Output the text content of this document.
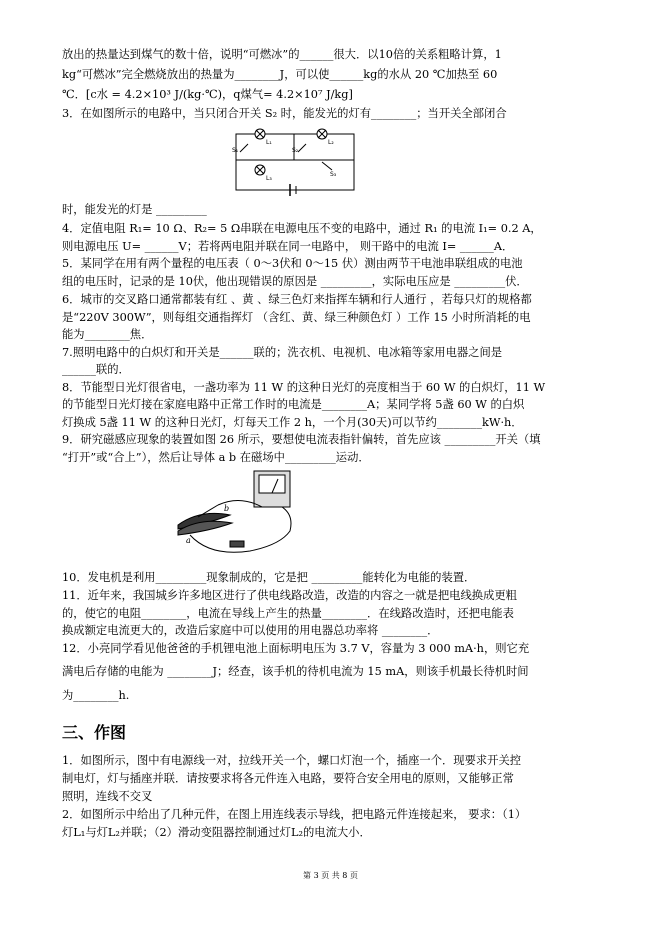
放出的热量达到煤气的数十倍，说明“可燃冰”的______很大．以10倍的关系粗略计算，1
kg“可燃冰”完全燃烧放出的热量为________J，可以使______kg的水从 20 ℃加热至 60
℃．[c水 = 4.2×10³ J/(kg·℃)，q煤气= 4.2×10⁷ J/kg]
3．在如图所示的电路中，当只闭合开关 S₂ 时，能发光的灯有________；当开关全部闭合
L₁
S₁
L₂
S₂
L₃
S₃
时，能发光的灯是 _________
4．定值电阻 R₁= 10 Ω、R₂= 5 Ω串联在电源电压不变的电路中，通过 R₁ 的电流 I₁= 0.2 A，
则电源电压 U= ______V；若将两电阻并联在同一电路中， 则干路中的电流 I= ______A．
5．某同学在用有两个量程的电压表（ 0～3伏和 0～15 伏）测由两节干电池串联组成的电池
组的电压时，记录的是 10伏，他出现错误的原因是 _________，实际电压应是 _________伏．
6．城市的交叉路口通常都装有红 、黄 、绿三色灯来指挥车辆和行人通行 ，若每只灯的规格都
是“220V 300W”，则每组交通指挥灯 （含红、黄、绿三种颜色灯 ）工作 15 小时所消耗的电
能为________焦．
7.照明电路中的白炽灯和开关是______联的；洗衣机、电视机、电冰箱等家用电器之间是
______联的．
8．节能型日光灯很省电，一盏功率为 11 W 的这种日光灯的亮度相当于 60 W 的白炽灯，11 W
的节能型日光灯接在家庭电路中正常工作时的电流是________A；某同学将 5盏 60 W 的白炽
灯换成 5盏 11 W 的这种日光灯，灯每天工作 2 h，一个月(30天)可以节约________kW·h．
9．研究磁感应现象的装置如图 26 所示，要想使电流表指针偏转，首先应该 _________开关（填
“打开”或“合上”），然后让导体 a b 在磁场中_________运动．
a
b
10．发电机是利用_________现象制成的，它是把 _________能转化为电能的装置．
11．近年来，我国城乡许多地区进行了供电线路改造，改造的内容之一就是把电线换成更粗
的，使它的电阻________，电流在导线上产生的热量________．在线路改造时，还把电能表
换成额定电流更大的，改造后家庭中可以使用的用电器总功率将 ________．
12．小亮同学看见他爸爸的手机锂电池上面标明电压为 3.7 V，容量为 3 000 mA·h，则它充
满电后存储的电能为 ________J；经查，该手机的待机电流为 15 mA，则该手机最长待机时间
为________h.
三、作图
1．如图所示，图中有电源线一对，拉线开关一个，螺口灯泡一个，插座一个．现要求开关控
制电灯，灯与插座并联．请按要求将各元件连入电路，要符合安全用电的原则，又能够正常
照明，连线不交叉
2．如图所示中给出了几种元件，在图上用连线表示导线，把电路元件连接起来， 要求：（1）
灯L₁与灯L₂并联；（2）滑动变阻器控制通过灯L₂的电流大小．
第 3 页 共 8 页
